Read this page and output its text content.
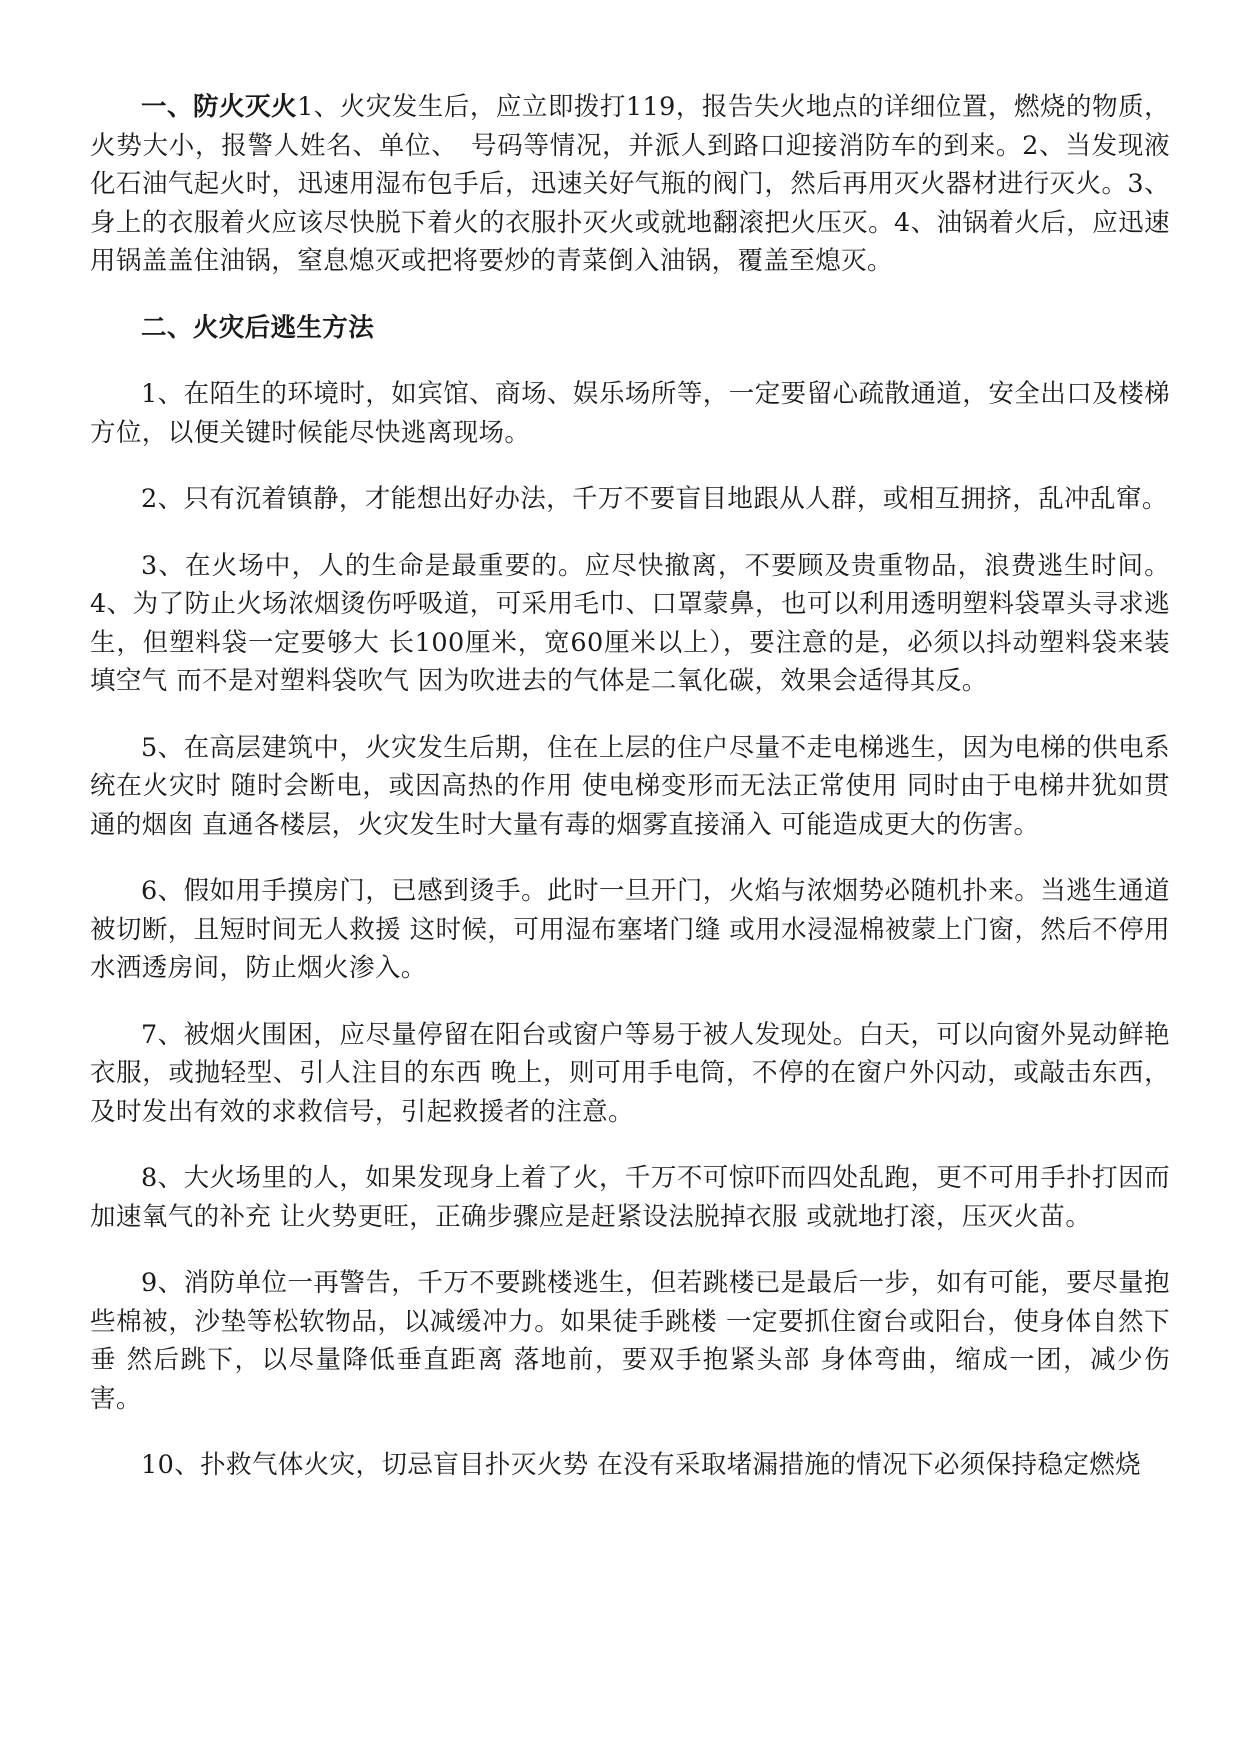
一、防火灭火1、火灾发生后，应立即拨打119，报告失火地点的详细位置，燃烧的物质，火势大小，报警人姓名、单位、　号码等情况，并派人到路口迎接消防车的到来。2、当发现液化石油气起火时，迅速用湿布包手后，迅速关好气瓶的阀门，然后再用灭火器材进行灭火。3、身上的衣服着火应该尽快脱下着火的衣服扑灭火或就地翻滚把火压灭。4、油锅着火后，应迅速用锅盖盖住油锅，窒息熄灭或把将要炒的青菜倒入油锅，覆盖至熄灭。

二、火灾后逃生方法

1、在陌生的环境时，如宾馆、商场、娱乐场所等，一定要留心疏散通道，安全出口及楼梯方位，以便关键时候能尽快逃离现场。

2、只有沉着镇静，才能想出好办法，千万不要盲目地跟从人群，或相互拥挤，乱冲乱窜。

3、在火场中，人的生命是最重要的。应尽快撤离，不要顾及贵重物品，浪费逃生时间。4、为了防止火场浓烟烫伤呼吸道，可采用毛巾、口罩蒙鼻，也可以利用透明塑料袋罩头寻求逃生，但塑料袋一定要够大 长100厘米，宽60厘米以上），要注意的是，必须以抖动塑料袋来装填空气 而不是对塑料袋吹气 因为吹进去的气体是二氧化碳，效果会适得其反。

5、在高层建筑中，火灾发生后期，住在上层的住户尽量不走电梯逃生，因为电梯的供电系统在火灾时 随时会断电，或因高热的作用 使电梯变形而无法正常使用 同时由于电梯井犹如贯通的烟囱 直通各楼层，火灾发生时大量有毒的烟雾直接涌入 可能造成更大的伤害。

6、假如用手摸房门，已感到烫手。此时一旦开门，火焰与浓烟势必随机扑来。当逃生通道被切断，且短时间无人救援 这时候，可用湿布塞堵门缝 或用水浸湿棉被蒙上门窗，然后不停用水洒透房间，防止烟火渗入。

7、被烟火围困，应尽量停留在阳台或窗户等易于被人发现处。白天，可以向窗外晃动鲜艳衣服，或抛轻型、引人注目的东西 晚上，则可用手电筒，不停的在窗户外闪动，或敲击东西，及时发出有效的求救信号，引起救援者的注意。

8、大火场里的人，如果发现身上着了火，千万不可惊吓而四处乱跑，更不可用手扑打因而加速氧气的补充 让火势更旺，正确步骤应是赶紧设法脱掉衣服 或就地打滚，压灭火苗。

9、消防单位一再警告，千万不要跳楼逃生，但若跳楼已是最后一步，如有可能，要尽量抱些棉被，沙垫等松软物品，以减缓冲力。如果徒手跳楼 一定要抓住窗台或阳台，使身体自然下垂 然后跳下，以尽量降低垂直距离 落地前，要双手抱紧头部 身体弯曲，缩成一团，减少伤害。

10、扑救气体火灾，切忌盲目扑灭火势 在没有采取堵漏措施的情况下必须保持稳定燃烧
